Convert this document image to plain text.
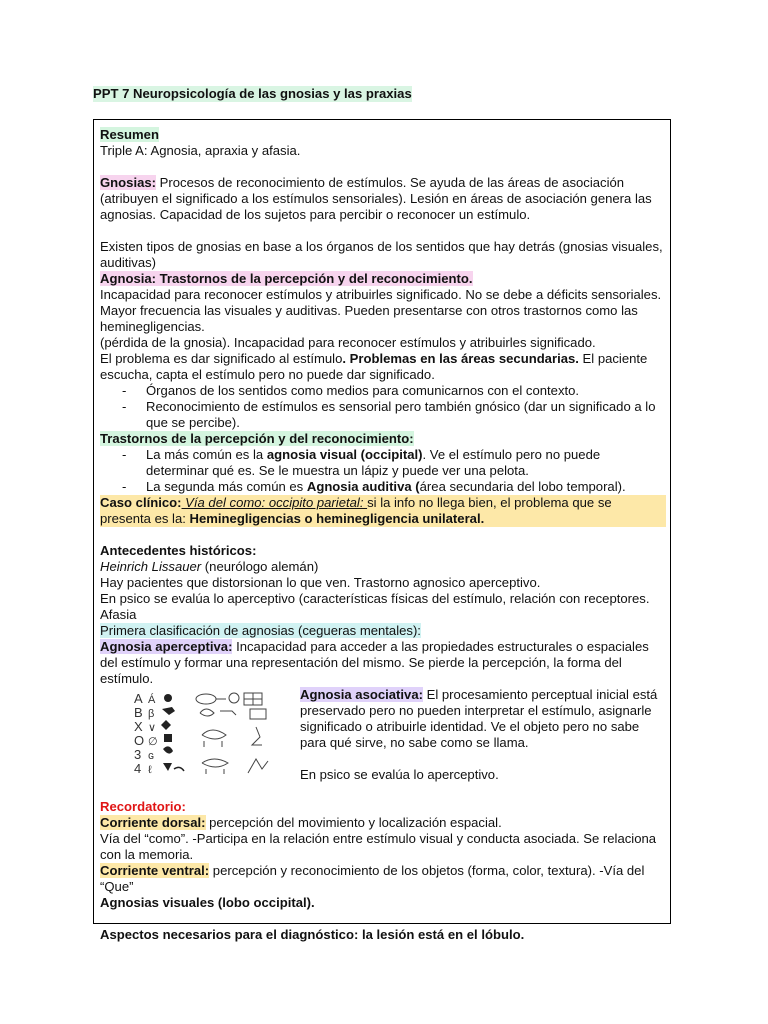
PPT 7 Neuropsicología de las gnosias y las praxias

Resumen

Triple A: Agnosia, apraxia y afasia.

Gnosias: Procesos de reconocimiento de estímulos. Se ayuda de las áreas de asociación (atribuyen el significado a los estímulos sensoriales). Lesión en áreas de asociación genera las agnosias. Capacidad de los sujetos para percibir o reconocer un estímulo.

Existen tipos de gnosias en base a los órganos de los sentidos que hay detrás (gnosias visuales, auditivas)

Agnosia: Trastornos de la percepción y del reconocimiento.

Incapacidad para reconocer estímulos y atribuirles significado. No se debe a déficits sensoriales. Mayor frecuencia las visuales y auditivas. Pueden presentarse con otros trastornos como las heminegligencias.

(pérdida de la gnosia). Incapacidad para reconocer estímulos y atribuirles significado.

El problema es dar significado al estímulo. Problemas en las áreas secundarias. El paciente escucha, capta el estímulo pero no puede dar significado.

- Órganos de los sentidos como medios para comunicarnos con el contexto.
- Reconocimiento de estímulos es sensorial pero también gnósico (dar un significado a lo que se percibe).

Trastornos de la percepción y del reconocimiento:

- La más común es la agnosia visual (occipital). Ve el estímulo pero no puede determinar qué es. Se le muestra un lápiz y puede ver una pelota.
- La segunda más común es Agnosia auditiva (área secundaria del lobo temporal).

Caso clínico: Vía del como: occipito parietal: si la info no llega bien, el problema que se presenta es la: Heminegligencias o heminegligencia unilateral.

Antecedentes históricos:

Heinrich Lissauer (neurólogo alemán)

Hay pacientes que distorsionan lo que ven. Trastorno agnosico aperceptivo.

En psico se evalúa lo aperceptivo (características físicas del estímulo, relación con receptores. Afasia

Primera clasificación de agnosias (cegueras mentales):

Agnosia aperceptiva: Incapacidad para acceder a las propiedades estructurales o espaciales del estímulo y formar una representación del mismo. Se pierde la percepción, la forma del estímulo.

A
B
X
O
3
4
Á
β
∨
∅
ɢ
ℓ

Agnosia asociativa: El procesamiento perceptual inicial está preservado pero no pueden interpretar el estímulo, asignarle significado o atribuirle identidad. Ve el objeto pero no sabe para qué sirve, no sabe como se llama.

En psico se evalúa lo aperceptivo.

Recordatorio:

Corriente dorsal: percepción del movimiento y localización espacial.

Vía del “como”. -Participa en la relación entre estímulo visual y conducta asociada. Se relaciona con la memoria.

Corriente ventral: percepción y reconocimiento de los objetos (forma, color, textura). -Vía del “Que”

Agnosias visuales (lobo occipital).

Aspectos necesarios para el diagnóstico: la lesión está en el lóbulo.
